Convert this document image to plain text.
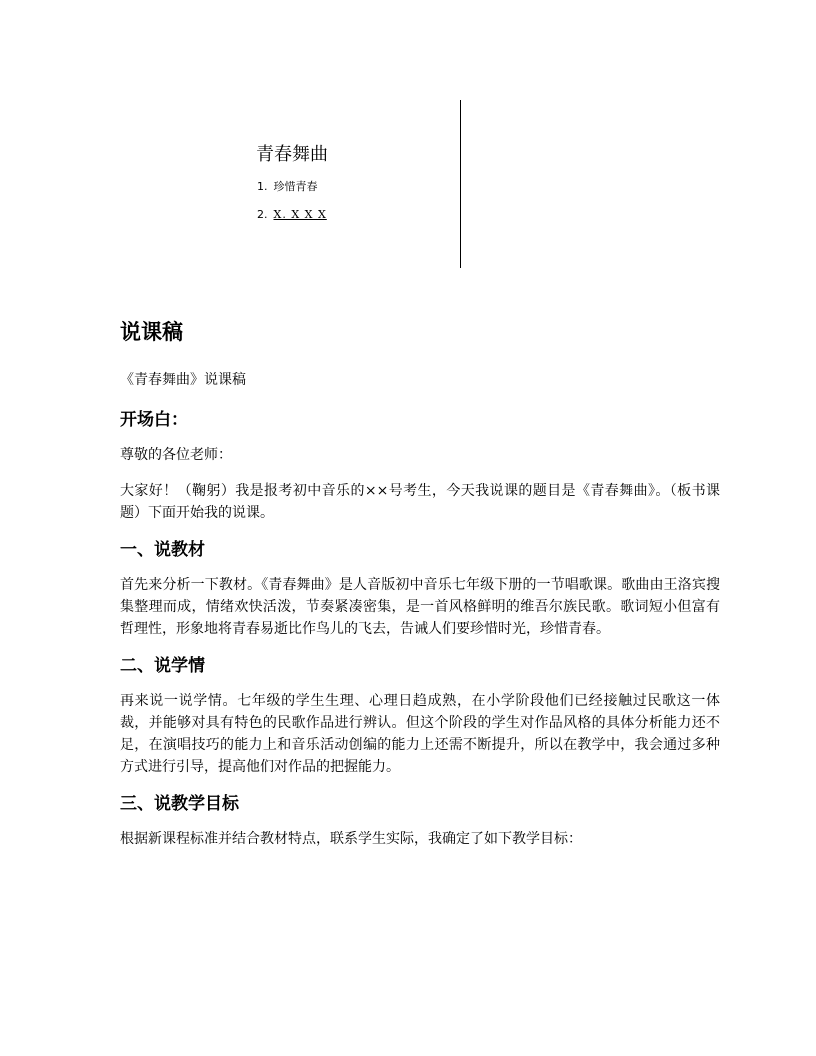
青春舞曲
1. 珍惜青春
2. X. X X X
说课稿
《青春舞曲》说课稿
开场白：
尊敬的各位老师：
大家好！（鞠躬）我是报考初中音乐的××号考生，今天我说课的题目是《青春舞曲》。（板书课题）下面开始我的说课。
一、说教材
首先来分析一下教材。《青春舞曲》是人音版初中音乐七年级下册的一节唱歌课。歌曲由王洛宾搜集整理而成，情绪欢快活泼，节奏紧凑密集，是一首风格鲜明的维吾尔族民歌。歌词短小但富有哲理性，形象地将青春易逝比作鸟儿的飞去，告诫人们要珍惜时光，珍惜青春。
二、说学情
再来说一说学情。七年级的学生生理、心理日趋成熟，在小学阶段他们已经接触过民歌这一体裁，并能够对具有特色的民歌作品进行辨认。但这个阶段的学生对作品风格的具体分析能力还不足，在演唱技巧的能力上和音乐活动创编的能力上还需不断提升，所以在教学中，我会通过多种方式进行引导，提高他们对作品的把握能力。
三、说教学目标
根据新课程标准并结合教材特点，联系学生实际，我确定了如下教学目标：
